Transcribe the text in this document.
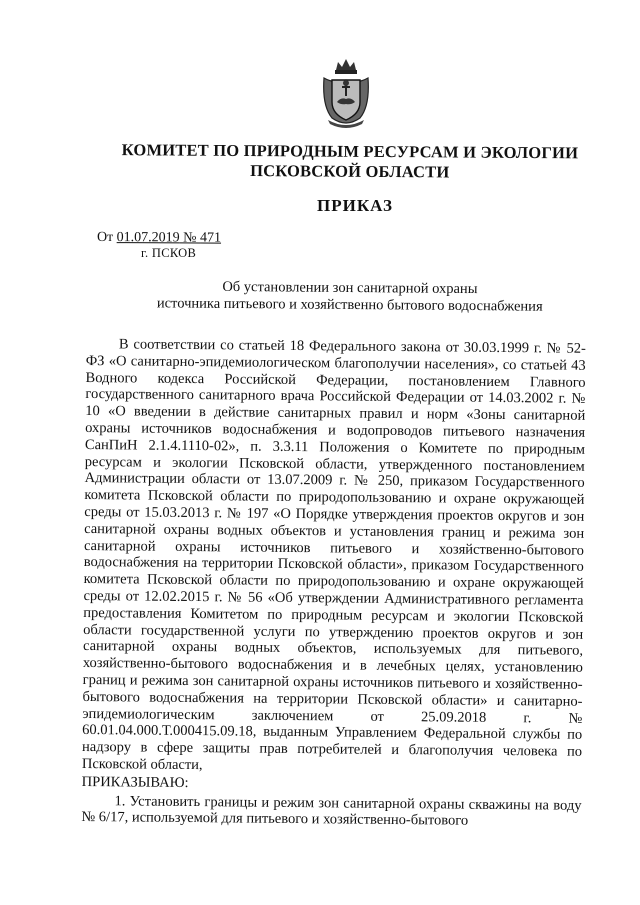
КОМИТЕТ ПО ПРИРОДНЫМ РЕСУРСАМ И ЭКОЛОГИИ
ПСКОВСКОЙ ОБЛАСТИ
ПРИКАЗ
От 01.07.2019 № 471
г. ПСКОВ
Об установлении зон санитарной охраны
источника питьевого и хозяйственно бытового водоснабжения

В соответствии со статьей 18 Федерального закона от 30.03.1999 г. № 52-ФЗ «О санитарно-эпидемиологическом благополучии населения», со статьей 43 Водного кодекса Российской Федерации, постановлением Главного государственного санитарного врача Российской Федерации от 14.03.2002 г. № 10 «О введении в действие санитарных правил и норм «Зоны санитарной охраны источников водоснабжения и водопроводов питьевого назначения СанПиН 2.1.4.1110-02», п. 3.3.11 Положения о Комитете по природным ресурсам и экологии Псковской области, утвержденного постановлением Администрации области от 13.07.2009 г. № 250, приказом Государственного комитета Псковской области по природопользованию и охране окружающей среды от 15.03.2013 г. № 197 «О Порядке утверждения проектов округов и зон санитарной охраны водных объектов и установления границ и режима зон санитарной охраны источников питьевого и хозяйственно-бытового водоснабжения на территории Псковской области», приказом Государственного комитета Псковской области по природопользованию и охране окружающей среды от 12.02.2015 г. № 56 «Об утверждении Административного регламента предоставления Комитетом по природным ресурсам и экологии Псковской области государственной услуги по утверждению проектов округов и зон санитарной охраны водных объектов, используемых для питьевого, хозяйственно-бытового водоснабжения и в лечебных целях, установлению границ и режима зон санитарной охраны источников питьевого и хозяйственно-бытового водоснабжения на территории Псковской области» и санитарно-эпидемиологическим заключением от 25.09.2018 г. № 60.01.04.000.Т.000415.09.18, выданным Управлением Федеральной службы по надзору в сфере защиты прав потребителей и благополучия человека по Псковской области,

ПРИКАЗЫВАЮ:

1. Установить границы и режим зон санитарной охраны скважины на воду № 6/17, используемой для питьевого и хозяйственно-бытового
